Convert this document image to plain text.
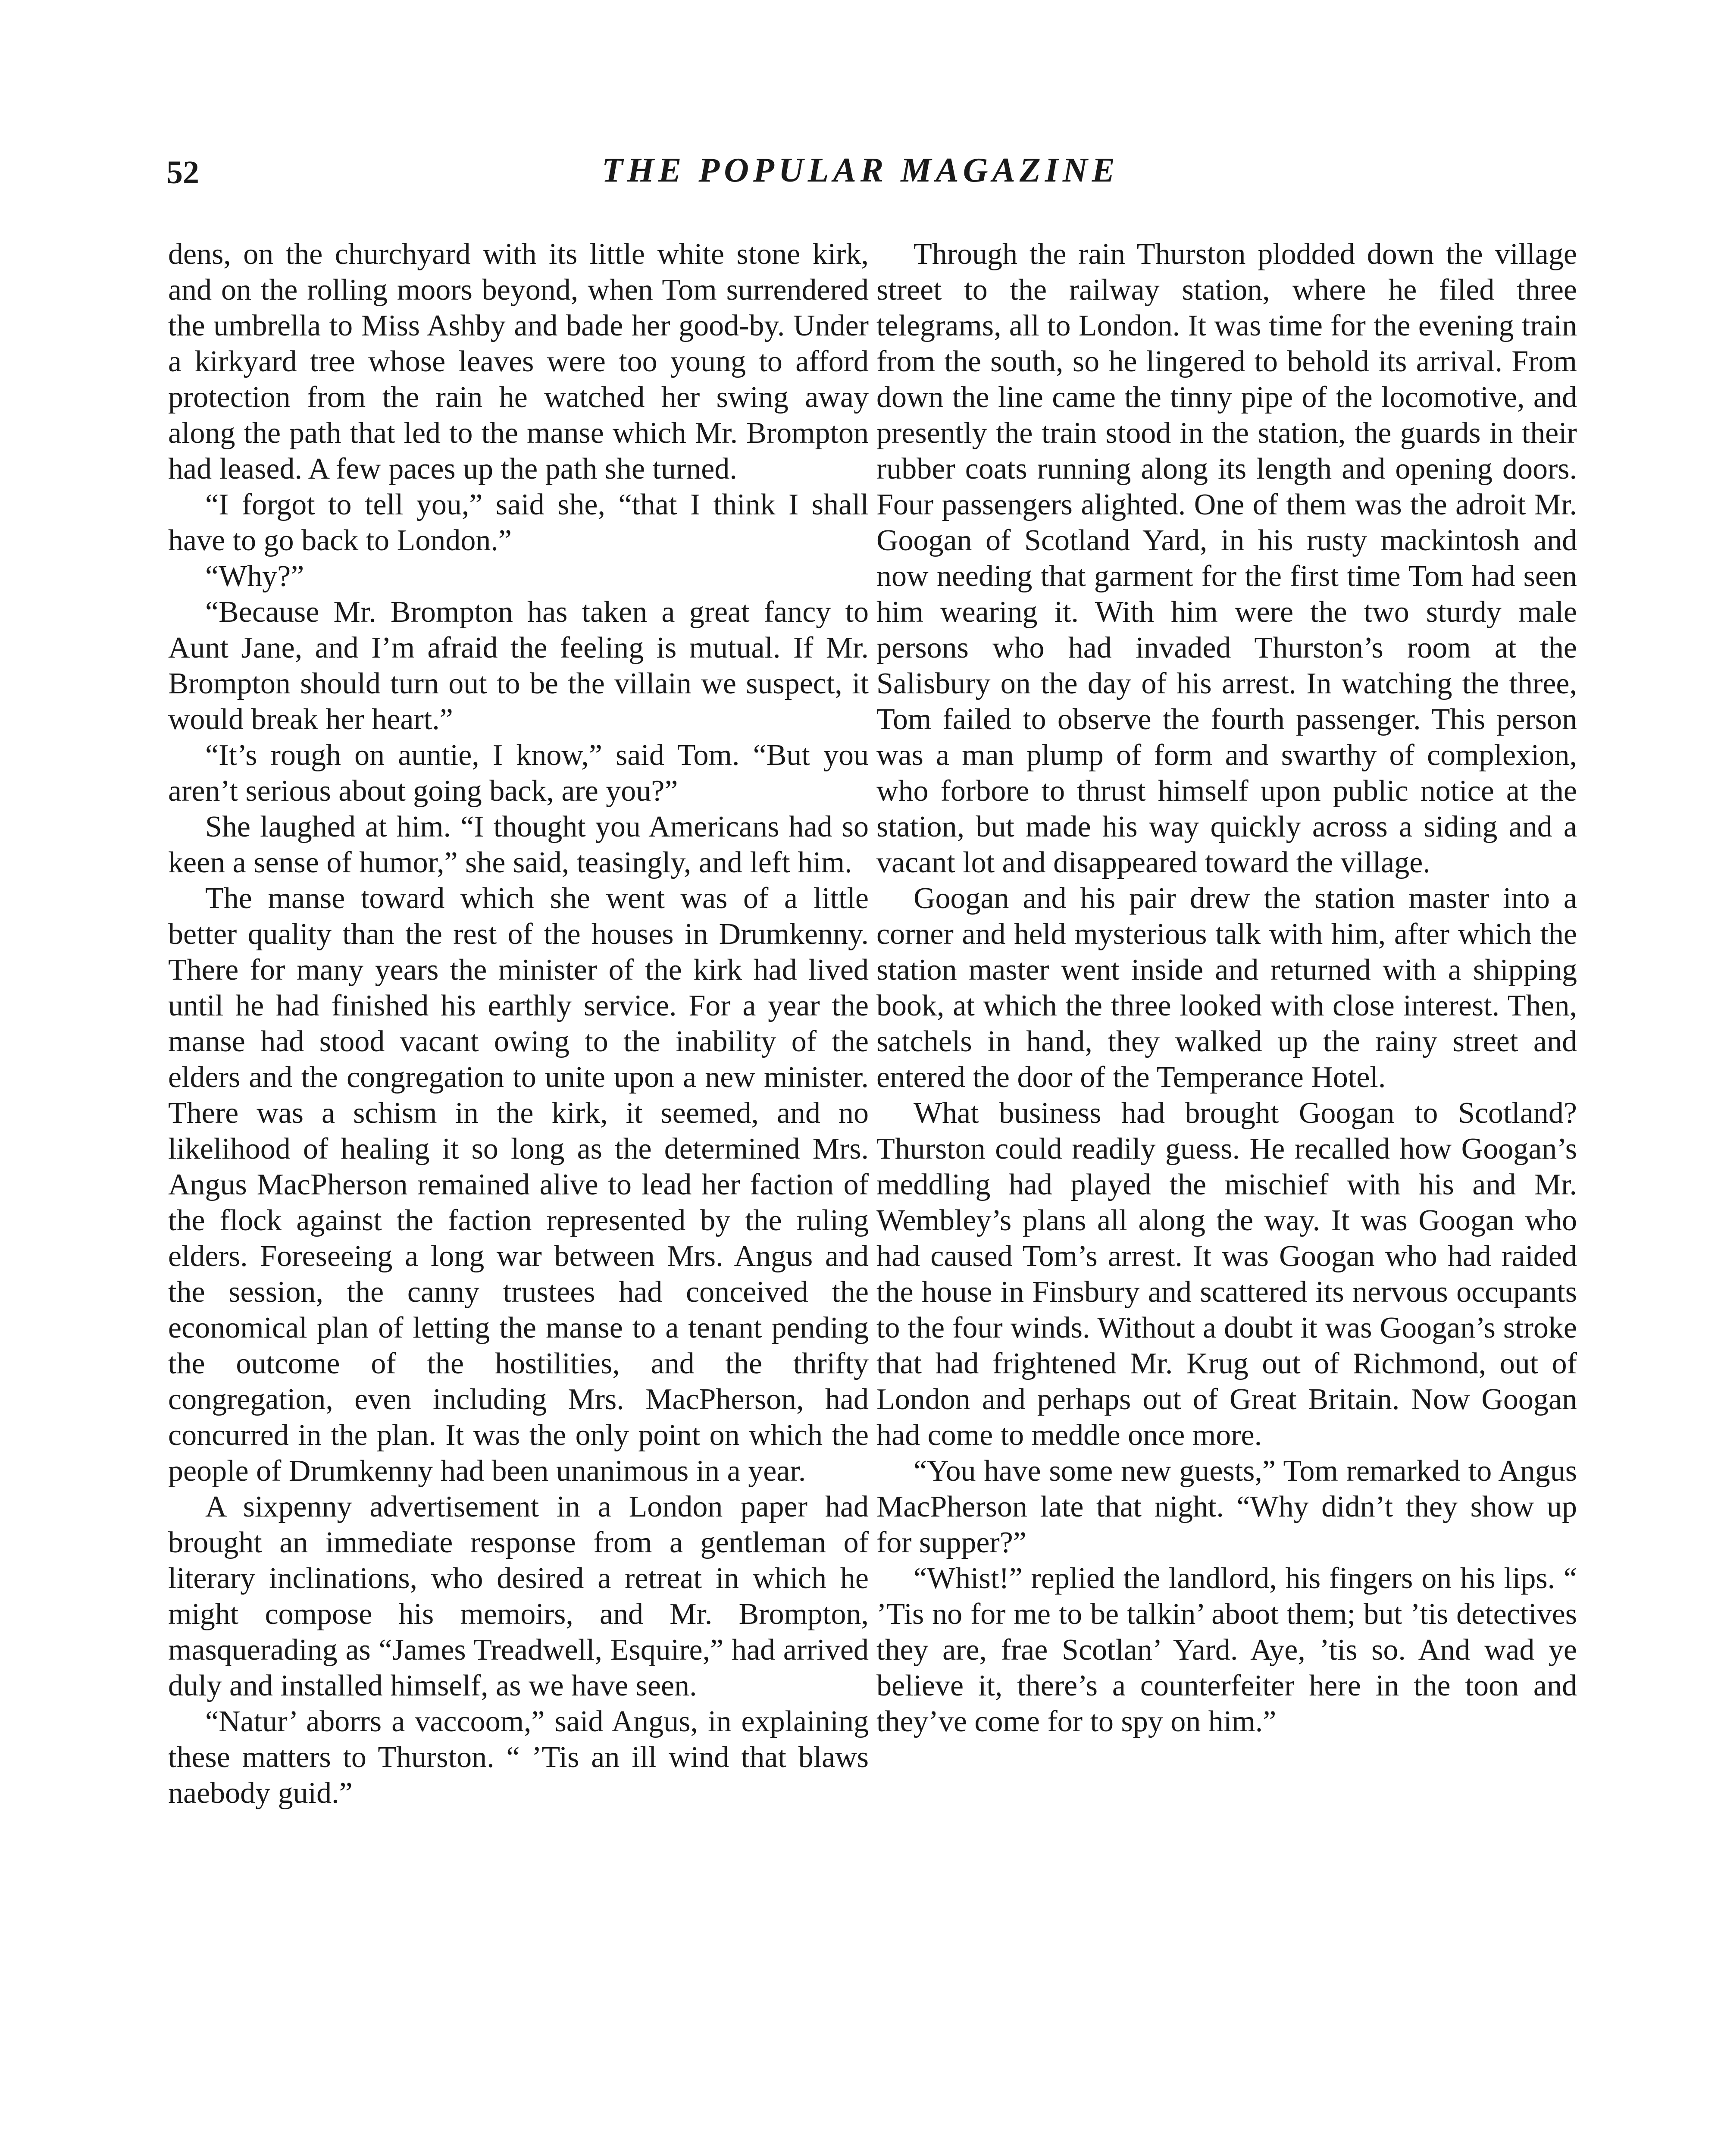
52	THE POPULAR MAGAZINE

dens, on the churchyard with its little white stone kirk, and on the rolling moors beyond, when Tom surrendered the umbrella to Miss Ashby and bade her good-by. Under a kirkyard tree whose leaves were too young to afford protection from the rain he watched her swing away along the path that led to the manse which Mr. Brompton had leased. A few paces up the path she turned.

“I forgot to tell you,” said she, “that I think I shall have to go back to London.”

“Why?”

“Because Mr. Brompton has taken a great fancy to Aunt Jane, and I’m afraid the feeling is mutual. If Mr. Brompton should turn out to be the villain we suspect, it would break her heart.”

“It’s rough on auntie, I know,” said Tom. “But you aren’t serious about going back, are you?”

She laughed at him. “I thought you Americans had so keen a sense of humor,” she said, teasingly, and left him.

The manse toward which she went was of a little better quality than the rest of the houses in Drumkenny. There for many years the minister of the kirk had lived until he had finished his earthly service. For a year the manse had stood vacant owing to the inability of the elders and the congregation to unite upon a new minister. There was a schism in the kirk, it seemed, and no likelihood of healing it so long as the determined Mrs. Angus MacPherson remained alive to lead her faction of the flock against the faction represented by the ruling elders. Foreseeing a long war between Mrs. Angus and the session, the canny trustees had conceived the economical plan of letting the manse to a tenant pending the outcome of the hostilities, and the thrifty congregation, even including Mrs. MacPherson, had concurred in the plan. It was the only point on which the people of Drumkenny had been unanimous in a year.

A sixpenny advertisement in a London paper had brought an immediate response from a gentleman of literary inclinations, who desired a retreat in which he might compose his memoirs, and Mr. Brompton, masquerading as “James Treadwell, Esquire,” had arrived duly and installed himself, as we have seen.

“Natur’ aborrs a vaccoom,” said Angus, in explaining these matters to Thurston. “ ’Tis an ill wind that blaws naebody guid.”

Through the rain Thurston plodded down the village street to the railway station, where he filed three telegrams, all to London. It was time for the evening train from the south, so he lingered to behold its arrival. From down the line came the tinny pipe of the locomotive, and presently the train stood in the station, the guards in their rubber coats running along its length and opening doors. Four passengers alighted. One of them was the adroit Mr. Googan of Scotland Yard, in his rusty mackintosh and now needing that garment for the first time Tom had seen him wearing it. With him were the two sturdy male persons who had invaded Thurston’s room at the Salisbury on the day of his arrest. In watching the three, Tom failed to observe the fourth passenger. This person was a man plump of form and swarthy of complexion, who forbore to thrust himself upon public notice at the station, but made his way quickly across a siding and a vacant lot and disappeared toward the village.

Googan and his pair drew the station master into a corner and held mysterious talk with him, after which the station master went inside and returned with a shipping book, at which the three looked with close interest. Then, satchels in hand, they walked up the rainy street and entered the door of the Temperance Hotel.

What business had brought Googan to Scotland? Thurston could readily guess. He recalled how Googan’s meddling had played the mischief with his and Mr. Wembley’s plans all along the way. It was Googan who had caused Tom’s arrest. It was Googan who had raided the house in Finsbury and scattered its nervous occupants to the four winds. Without a doubt it was Googan’s stroke that had frightened Mr. Krug out of Richmond, out of London and perhaps out of Great Britain. Now Googan had come to meddle once more.

“You have some new guests,” Tom remarked to Angus MacPherson late that night. “Why didn’t they show up for supper?”

“Whist!” replied the landlord, his fingers on his lips. “ ’Tis no for me to be talkin’ aboot them; but ’tis detectives they are, frae Scotlan’ Yard. Aye, ’tis so. And wad ye believe it, there’s a counterfeiter here in the toon and they’ve come for to spy on him.”
